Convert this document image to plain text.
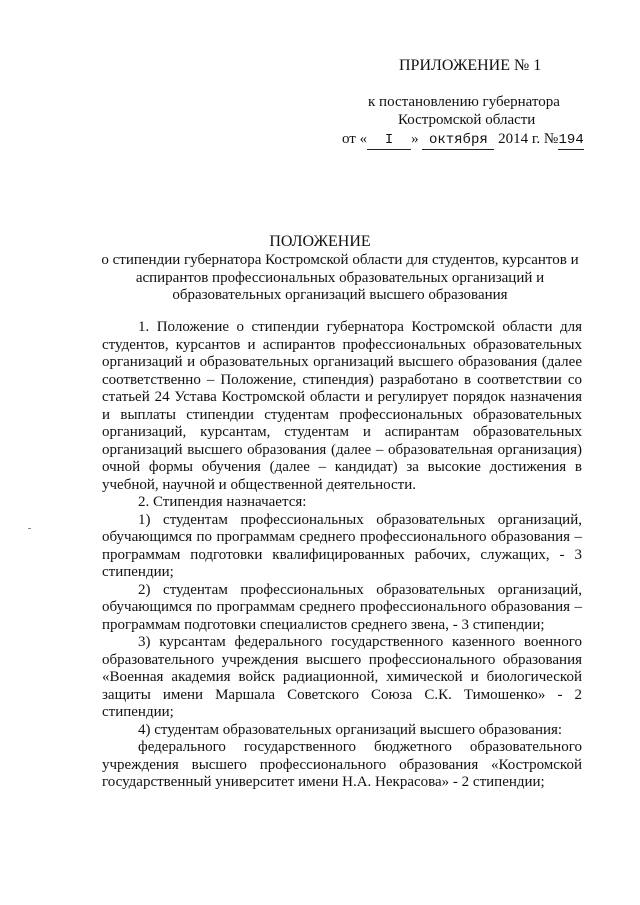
ПРИЛОЖЕНИЕ № 1
к постановлению губернатора
Костромской области
от « I » октября 2014 г. №194
ПОЛОЖЕНИЕ
о стипендии губернатора Костромской области для студентов, курсантов и аспирантов профессиональных образовательных организаций и образовательных организаций высшего образования

1. Положение о стипендии губернатора Костромской области для студентов, курсантов и аспирантов профессиональных образовательных организаций и образовательных организаций высшего образования (далее соответственно – Положение, стипендия) разработано в соответствии со статьей 24 Устава Костромской области и регулирует порядок назначения и выплаты стипендии студентам профессиональных образовательных организаций, курсантам, студентам и аспирантам образовательных организаций высшего образования (далее – образовательная организация) очной формы обучения (далее – кандидат) за высокие достижения в учебной, научной и общественной деятельности.

2. Стипендия назначается:

1) студентам профессиональных образовательных организаций, обучающимся по программам среднего профессионального образования – программам подготовки квалифицированных рабочих, служащих, - 3 стипендии;

2) студентам профессиональных образовательных организаций, обучающимся по программам среднего профессионального образования – программам подготовки специалистов среднего звена, - 3 стипендии;

3) курсантам федерального государственного казенного военного образовательного учреждения высшего профессионального образования «Военная академия войск радиационной, химической и биологической защиты имени Маршала Советского Союза С.К. Тимошенко» - 2 стипендии;

4) студентам образовательных организаций высшего образования:

федерального государственного бюджетного образовательного учреждения высшего профессионального образования «Костромской государственный университет имени Н.А. Некрасова» - 2 стипендии;
